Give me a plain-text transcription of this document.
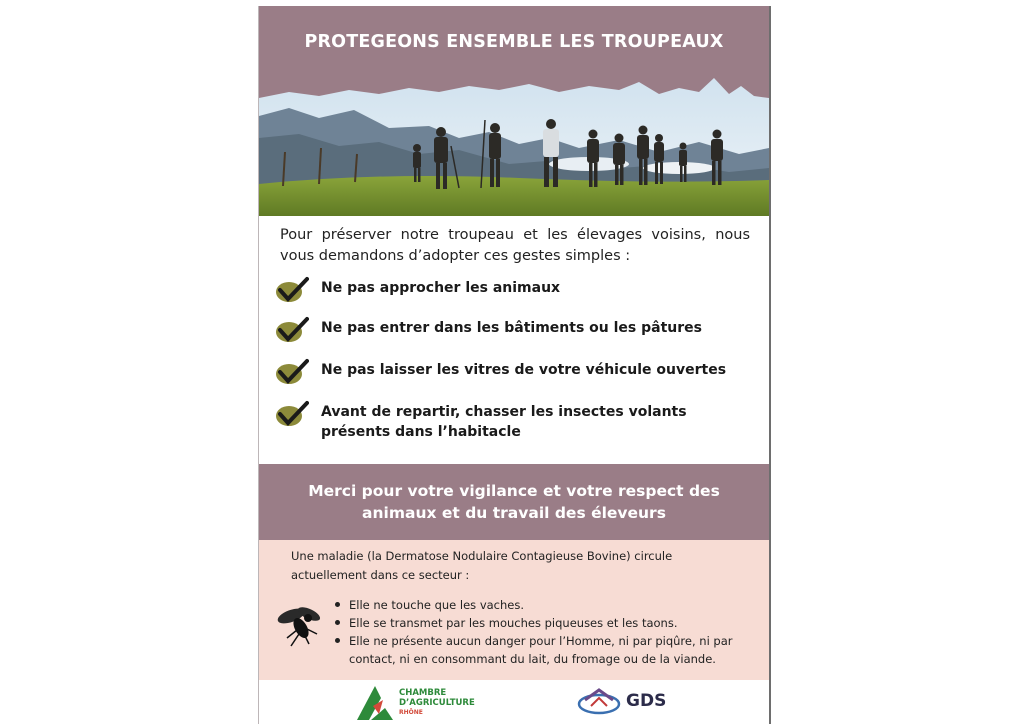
PROTEGEONS ENSEMBLE LES TROUPEAUX
Pour préserver notre troupeau et les élevages voisins, nous vous demandons d’adopter ces gestes simples :
Ne pas approcher les animaux
Ne pas entrer dans les bâtiments ou les pâtures
Ne pas laisser les vitres de votre véhicule ouvertes
Avant de repartir, chasser les insectes volants présents dans l’habitacle
Merci pour votre vigilance et votre respect des animaux et du travail des éleveurs
Une maladie (la Dermatose Nodulaire Contagieuse Bovine) circule actuellement dans ce secteur :
Elle ne touche que les vaches.
Elle se transmet par les mouches piqueuses et les taons.
Elle ne présente aucun danger pour l’Homme, ni par piqûre, ni par contact, ni en consommant du lait, du fromage ou de la viande.
CHAMBRE
D’AGRICULTURE
RHÔNE
GDS
